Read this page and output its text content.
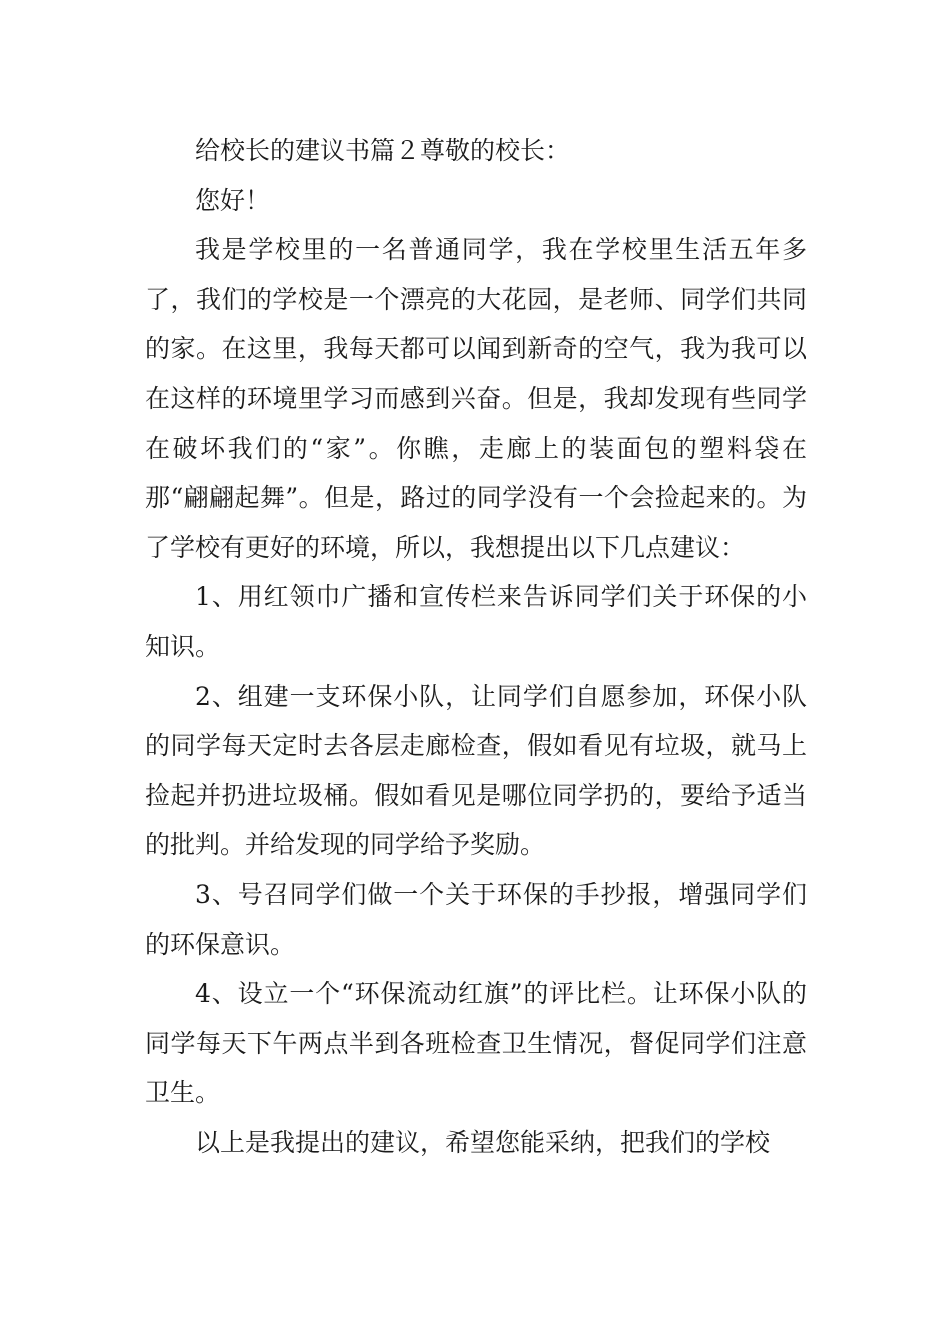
给校长的建议书篇２尊敬的校长：

您好！

我是学校里的一名普通同学，我在学校里生活五年多了，我们的学校是一个漂亮的大花园，是老师、同学们共同的家。在这里，我每天都可以闻到新奇的空气，我为我可以在这样的环境里学习而感到兴奋。但是，我却发现有些同学在破坏我们的“家”。你瞧，走廊上的装面包的塑料袋在那“翩翩起舞”。但是，路过的同学没有一个会捡起来的。为了学校有更好的环境，所以，我想提出以下几点建议：

1、用红领巾广播和宣传栏来告诉同学们关于环保的小知识。

2、组建一支环保小队，让同学们自愿参加，环保小队的同学每天定时去各层走廊检查，假如看见有垃圾，就马上捡起并扔进垃圾桶。假如看见是哪位同学扔的，要给予适当的批判。并给发现的同学给予奖励。

3、号召同学们做一个关于环保的手抄报，增强同学们的环保意识。

4、设立一个“环保流动红旗”的评比栏。让环保小队的同学每天下午两点半到各班检查卫生情况，督促同学们注意卫生。

以上是我提出的建议，希望您能采纳，把我们的学校
